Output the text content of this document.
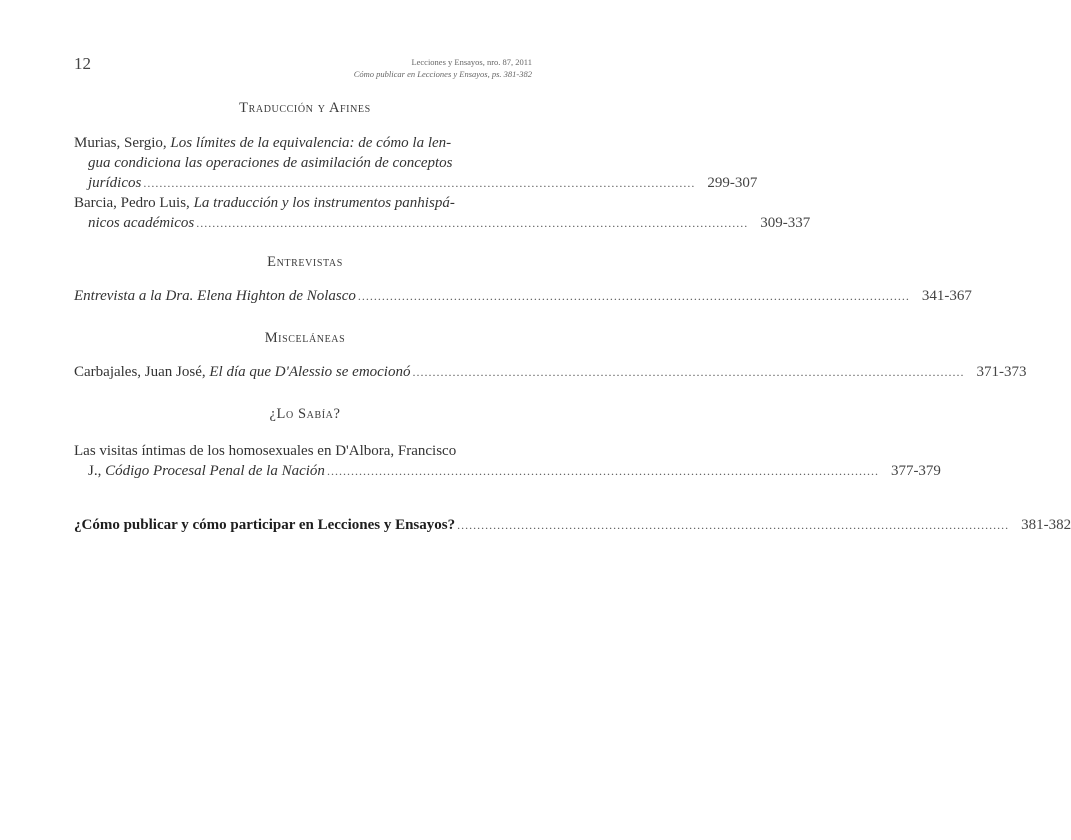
12	Lecciones y Ensayos, nro. 87, 2011
Cómo publicar en Lecciones y Ensayos, ps. 381-382
Traducción y Afines
Murias, Sergio, Los límites de la equivalencia: de cómo la len-
gua condiciona las operaciones de asimilación de conceptos
jurídicos .......................................................................................................................................... 299-307
Barcia, Pedro Luis, La traducción y los instrumentos panhispá-
nicos académicos .......................................................................................................................................... 309-337
Entrevistas
Entrevista a la Dra. Elena Highton de Nolasco .......................................................................................................................................... 341-367
Misceláneas
Carbajales, Juan José, El día que D'Alessio se emocionó .......................................................................................................................................... 371-373
¿Lo Sabía?
Las visitas íntimas de los homosexuales en D'Albora, Francisco
J., Código Procesal Penal de la Nación .......................................................................................................................................... 377-379
¿Cómo publicar y cómo participar en Lecciones y Ensayos? .......................................................................................................................................... 381-382
